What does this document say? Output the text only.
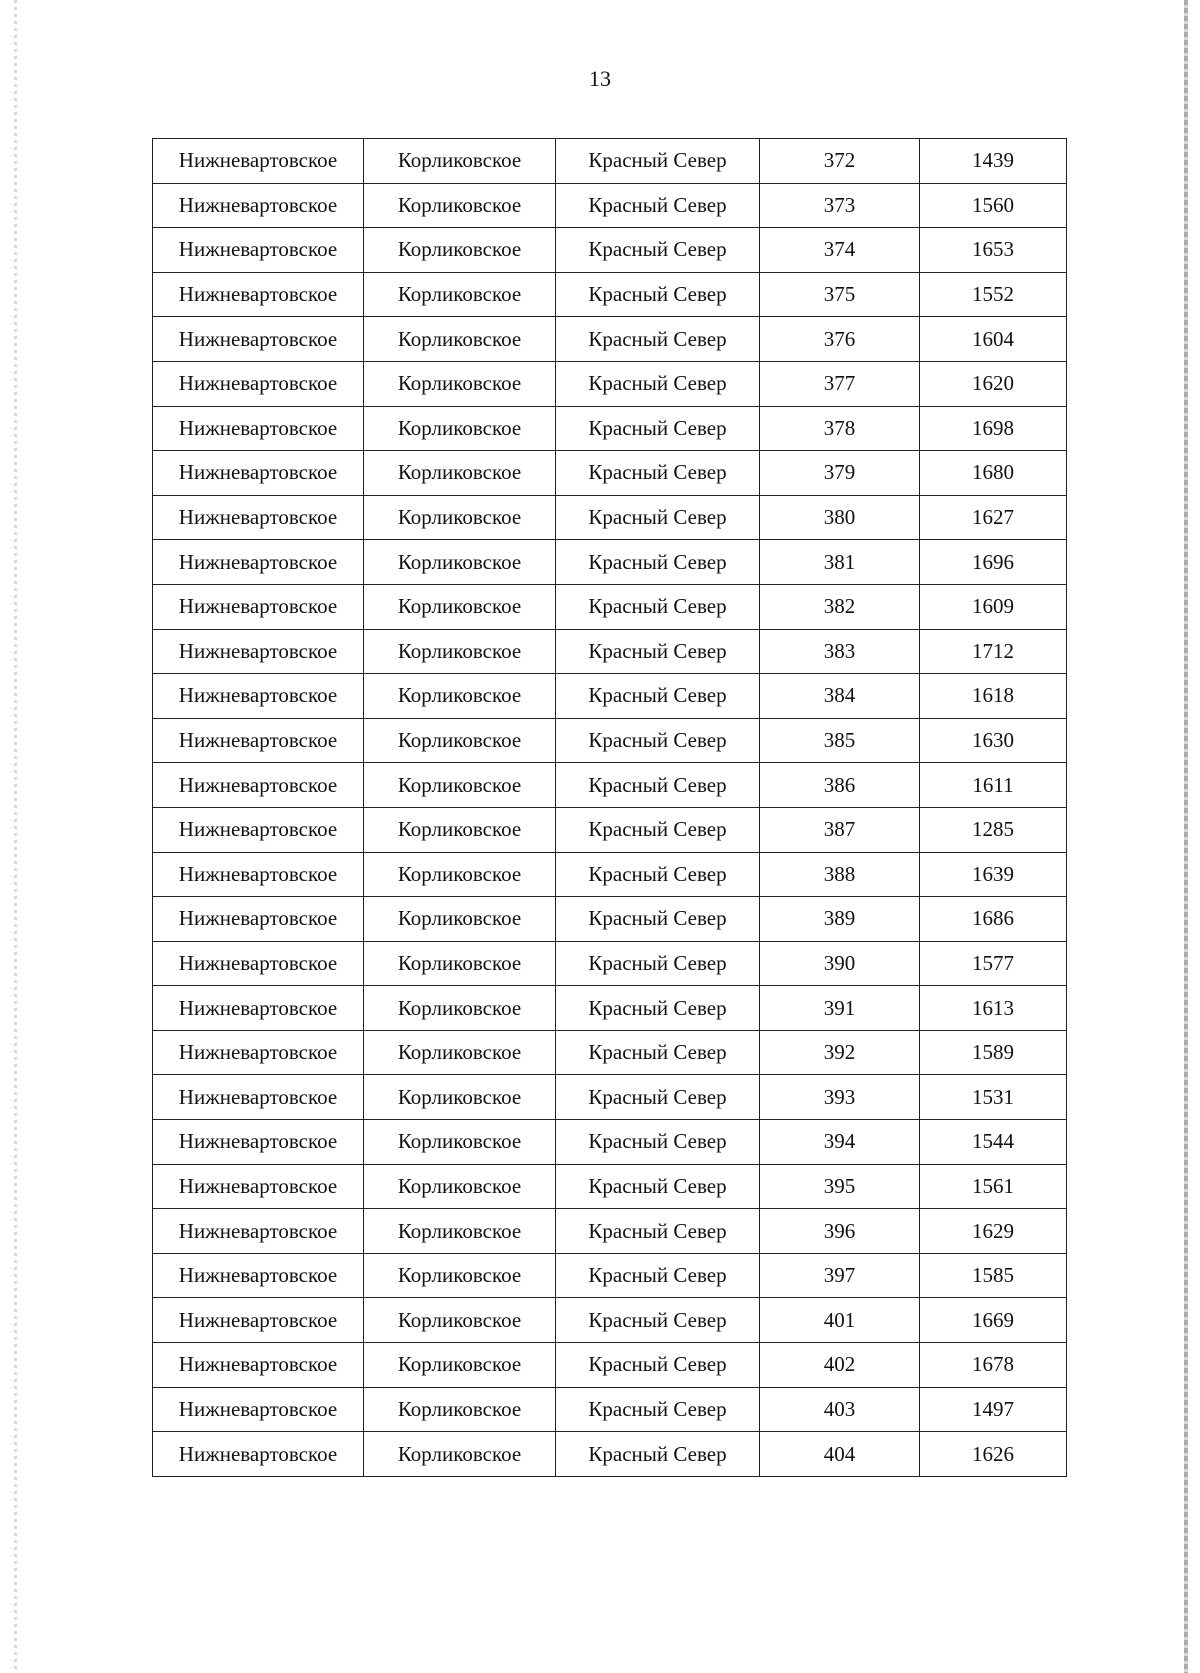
13
Нижневартовское	Корликовское	Красный Север	372	1439
Нижневартовское	Корликовское	Красный Север	373	1560
Нижневартовское	Корликовское	Красный Север	374	1653
Нижневартовское	Корликовское	Красный Север	375	1552
Нижневартовское	Корликовское	Красный Север	376	1604
Нижневартовское	Корликовское	Красный Север	377	1620
Нижневартовское	Корликовское	Красный Север	378	1698
Нижневартовское	Корликовское	Красный Север	379	1680
Нижневартовское	Корликовское	Красный Север	380	1627
Нижневартовское	Корликовское	Красный Север	381	1696
Нижневартовское	Корликовское	Красный Север	382	1609
Нижневартовское	Корликовское	Красный Север	383	1712
Нижневартовское	Корликовское	Красный Север	384	1618
Нижневартовское	Корликовское	Красный Север	385	1630
Нижневартовское	Корликовское	Красный Север	386	1611
Нижневартовское	Корликовское	Красный Север	387	1285
Нижневартовское	Корликовское	Красный Север	388	1639
Нижневартовское	Корликовское	Красный Север	389	1686
Нижневартовское	Корликовское	Красный Север	390	1577
Нижневартовское	Корликовское	Красный Север	391	1613
Нижневартовское	Корликовское	Красный Север	392	1589
Нижневартовское	Корликовское	Красный Север	393	1531
Нижневартовское	Корликовское	Красный Север	394	1544
Нижневартовское	Корликовское	Красный Север	395	1561
Нижневартовское	Корликовское	Красный Север	396	1629
Нижневартовское	Корликовское	Красный Север	397	1585
Нижневартовское	Корликовское	Красный Север	401	1669
Нижневартовское	Корликовское	Красный Север	402	1678
Нижневартовское	Корликовское	Красный Север	403	1497
Нижневартовское	Корликовское	Красный Север	404	1626
